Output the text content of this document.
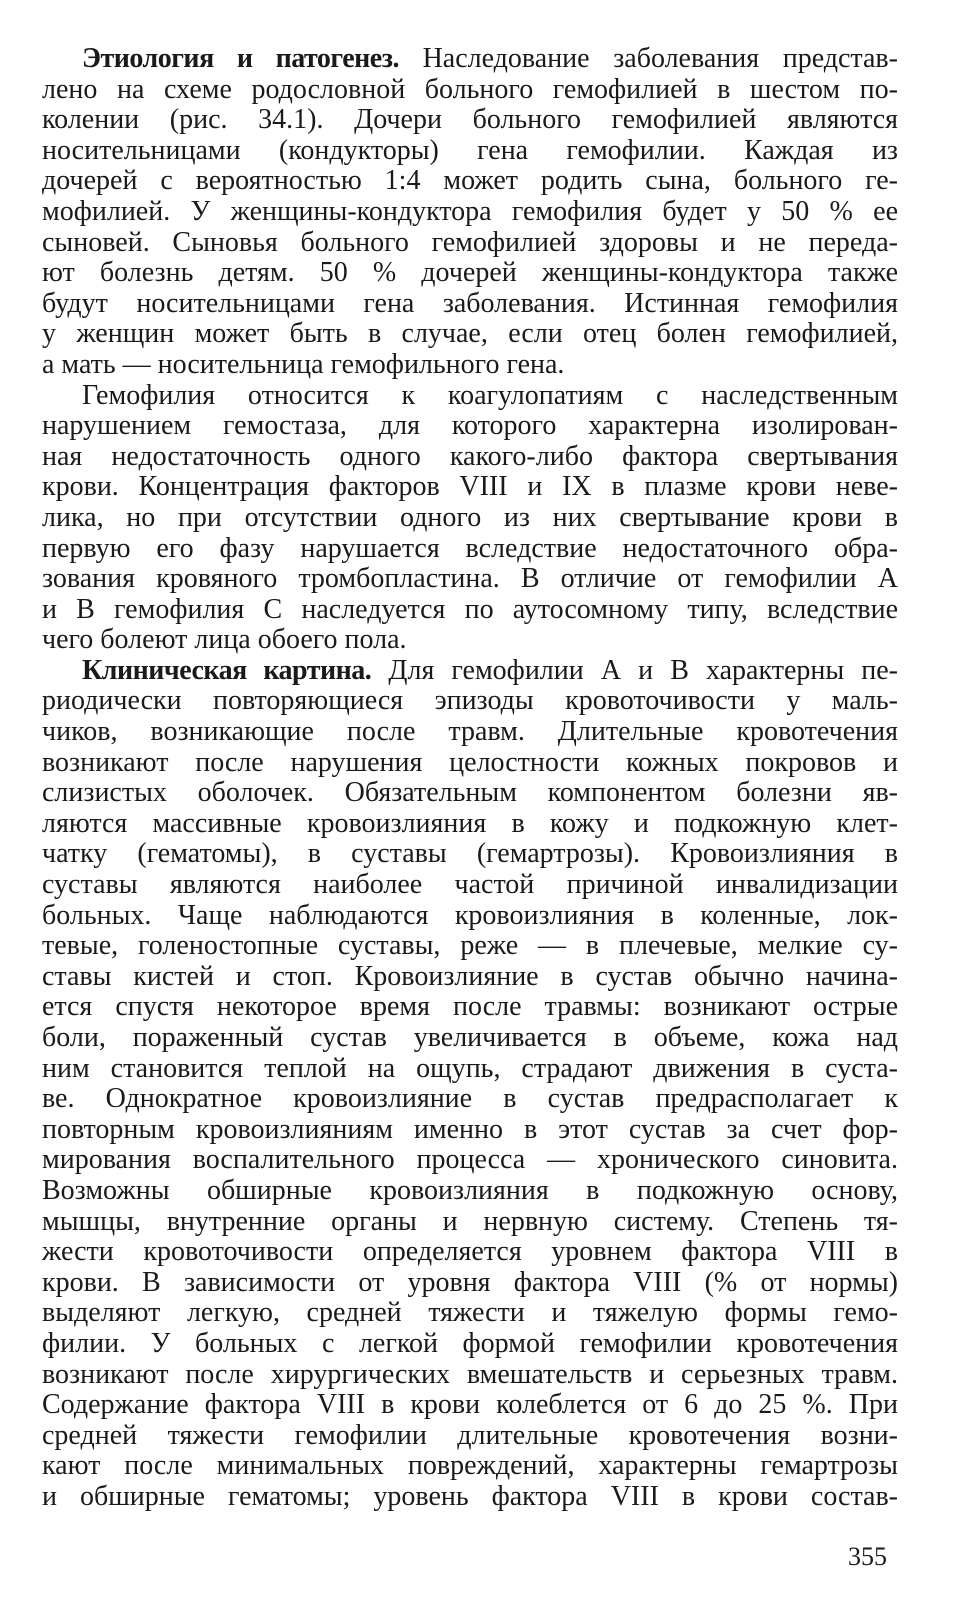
Этиология и патогенез. Наследование заболевания представ-
лено на схеме родословной больного гемофилией в шестом по-
колении (рис. 34.1). Дочери больного гемофилией являются
носительницами (кондукторы) гена гемофилии. Каждая из
дочерей с вероятностью 1:4 может родить сына, больного ге-
мофилией. У женщины-кондуктора гемофилия будет у 50 % ее
сыновей. Сыновья больного гемофилией здоровы и не переда-
ют болезнь детям. 50 % дочерей женщины-кондуктора также
будут носительницами гена заболевания. Истинная гемофилия
у женщин может быть в случае, если отец болен гемофилией,
а мать — носительница гемофильного гена.
Гемофилия относится к коагулопатиям с наследственным
нарушением гемостаза, для которого характерна изолирован-
ная недостаточность одного какого-либо фактора свертывания
крови. Концентрация факторов VIII и IX в плазме крови неве-
лика, но при отсутствии одного из них свертывание крови в
первую его фазу нарушается вследствие недостаточного обра-
зования кровяного тромбопластина. В отличие от гемофилии А
и В гемофилия С наследуется по аутосомному типу, вследствие
чего болеют лица обоего пола.
Клиническая картина. Для гемофилии А и В характерны пе-
риодически повторяющиеся эпизоды кровоточивости у маль-
чиков, возникающие после травм. Длительные кровотечения
возникают после нарушения целостности кожных покровов и
слизистых оболочек. Обязательным компонентом болезни яв-
ляются массивные кровоизлияния в кожу и подкожную клет-
чатку (гематомы), в суставы (гемартрозы). Кровоизлияния в
суставы являются наиболее частой причиной инвалидизации
больных. Чаще наблюдаются кровоизлияния в коленные, лок-
тевые, голеностопные суставы, реже — в плечевые, мелкие су-
ставы кистей и стоп. Кровоизлияние в сустав обычно начина-
ется спустя некоторое время после травмы: возникают острые
боли, пораженный сустав увеличивается в объеме, кожа над
ним становится теплой на ощупь, страдают движения в суста-
ве. Однократное кровоизлияние в сустав предрасполагает к
повторным кровоизлияниям именно в этот сустав за счет фор-
мирования воспалительного процесса — хронического синовита.
Возможны обширные кровоизлияния в подкожную основу,
мышцы, внутренние органы и нервную систему. Степень тя-
жести кровоточивости определяется уровнем фактора VIII в
крови. В зависимости от уровня фактора VIII (% от нормы)
выделяют легкую, средней тяжести и тяжелую формы гемо-
филии. У больных с легкой формой гемофилии кровотечения
возникают после хирургических вмешательств и серьезных травм.
Содержание фактора VIII в крови колеблется от 6 до 25 %. При
средней тяжести гемофилии длительные кровотечения возни-
кают после минимальных повреждений, характерны гемартрозы
и обширные гематомы; уровень фактора VIII в крови состав-
355
